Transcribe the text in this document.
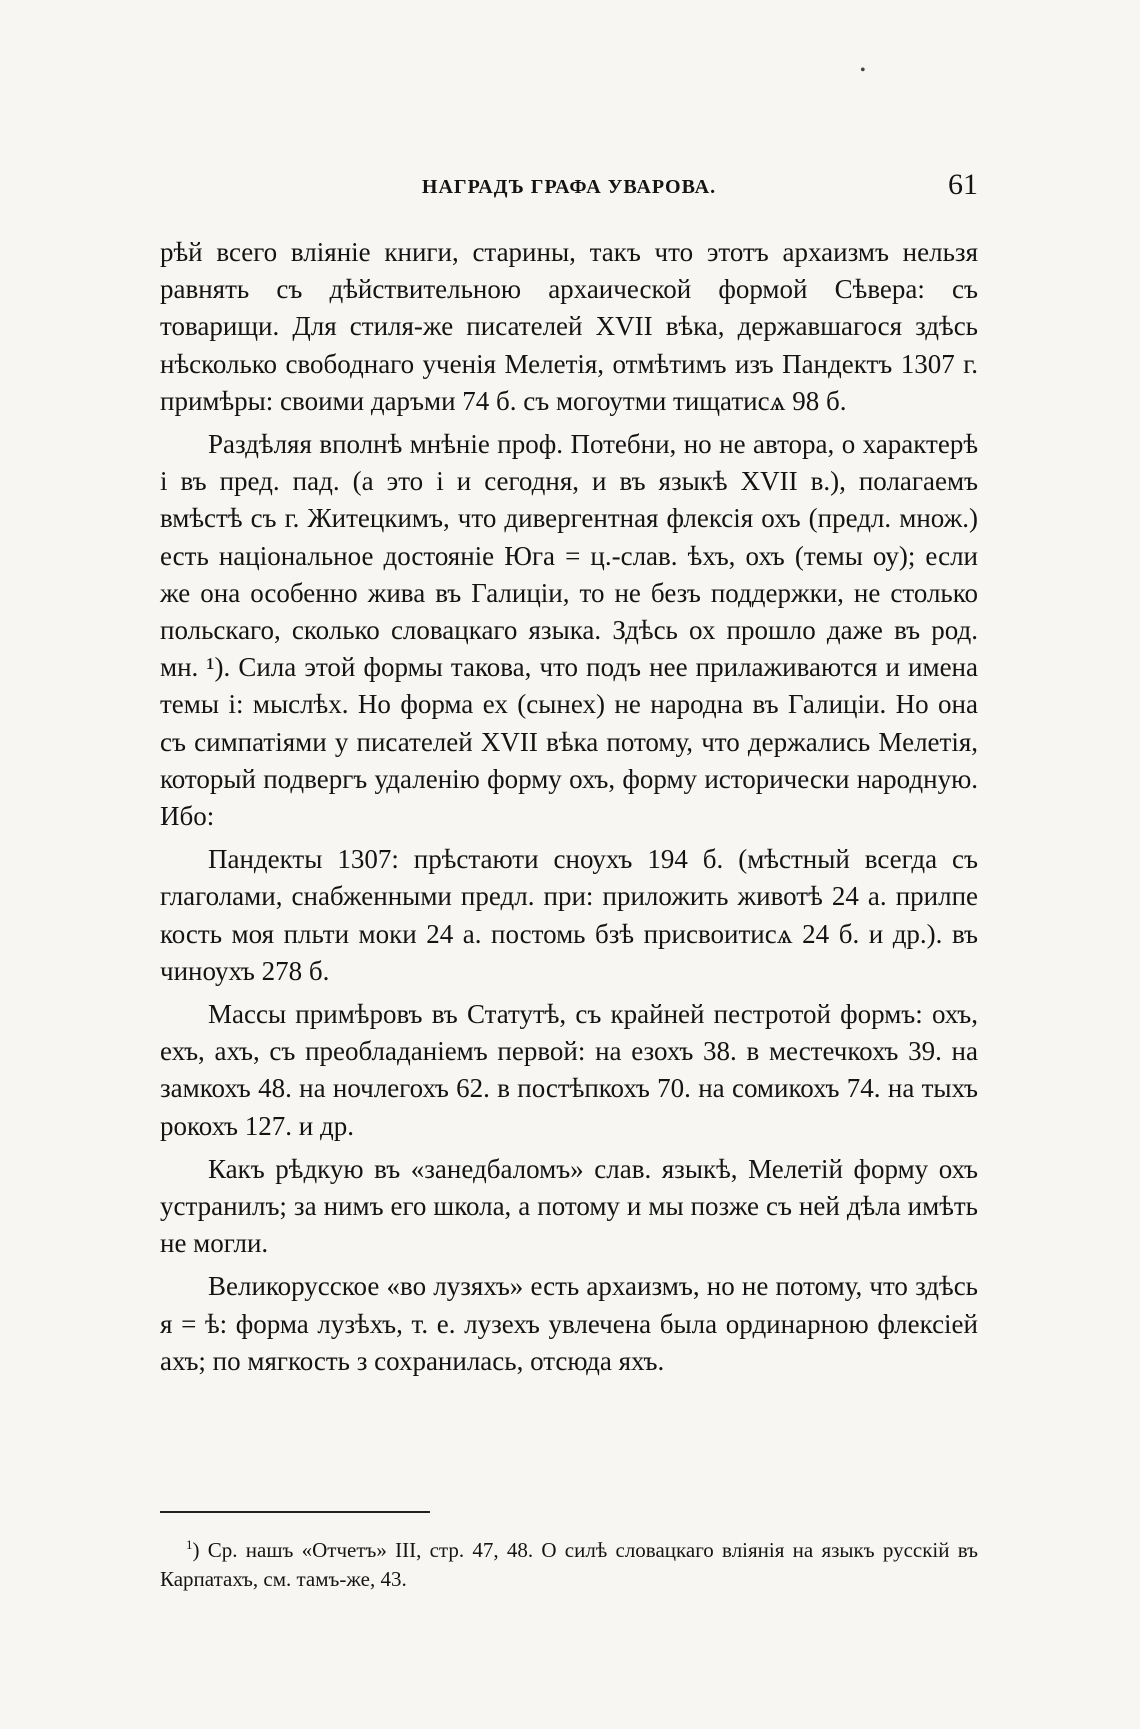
•
НАГРАДЪ ГРАФА УВАРОВА.	61

рѣй всего вліяніе книги, старины, такъ что этотъ архаизмъ нельзя равнять съ дѣйствительною архаической формой Сѣвера: съ товарищи. Для стиля-же писателей XVII вѣка, державшагося здѣсь нѣсколько свободнаго ученія Мелетія, отмѣтимъ изъ Пандектъ 1307 г. примѣры: своими даръми 74 б. съ могоутми тищатисѧ 98 б.

Раздѣляя вполнѣ мнѣніе проф. Потебни, но не автора, о характерѣ і въ пред. пад. (а это і и сегодня, и въ языкѣ XVII в.), полагаемъ вмѣстѣ съ г. Житецкимъ, что дивергентная флексія охъ (предл. множ.) есть національное достояніе Юга = ц.-слав. ѣхъ, охъ (темы оу); если же она особенно жива въ Галиціи, то не безъ поддержки, не столько польскаго, сколько словацкаго языка. Здѣсь ох прошло даже въ род. мн. ¹). Сила этой формы такова, что подъ нее прилаживаются и имена темы і: мыслѣх. Но форма ех (сынех) не народна въ Галиціи. Но она съ симпатіями у писателей XVII вѣка потому, что держались Мелетія, который подвергъ удаленію форму охъ, форму исторически народную. Ибо:

Пандекты 1307: прѣстаюти сноухъ 194 б. (мѣстный всегда съ глаголами, снабженными предл. при: приложить животѣ 24 а. прилпе кость моя пльти моки 24 а. постомь бзѣ присвоитисѧ 24 б. и др.). въ чиноухъ 278 б.

Массы примѣровъ въ Статутѣ, съ крайней пестротой формъ: охъ, ехъ, ахъ, съ преобладаніемъ первой: на езохъ 38. в местечкохъ 39. на замкохъ 48. на ночлегохъ 62. в постѣпкохъ 70. на сомикохъ 74. на тыхъ рокохъ 127. и др.

Какъ рѣдкую въ «занедбаломъ» слав. языкѣ, Мелетій форму охъ устранилъ; за нимъ его школа, а потому и мы позже съ ней дѣла имѣть не могли.

Великорусское «во лузяхъ» есть архаизмъ, но не потому, что здѣсь я = ѣ: форма лузѣхъ, т. е. лузехъ увлечена была ординарною флексіей ахъ; по мягкость з сохранилась, отсюда яхъ.

$^1$) Ср. нашъ «Отчетъ» III, стр. 47, 48. О силѣ словацкаго вліянія на языкъ русскій въ Карпатахъ, см. тамъ-же, 43.
